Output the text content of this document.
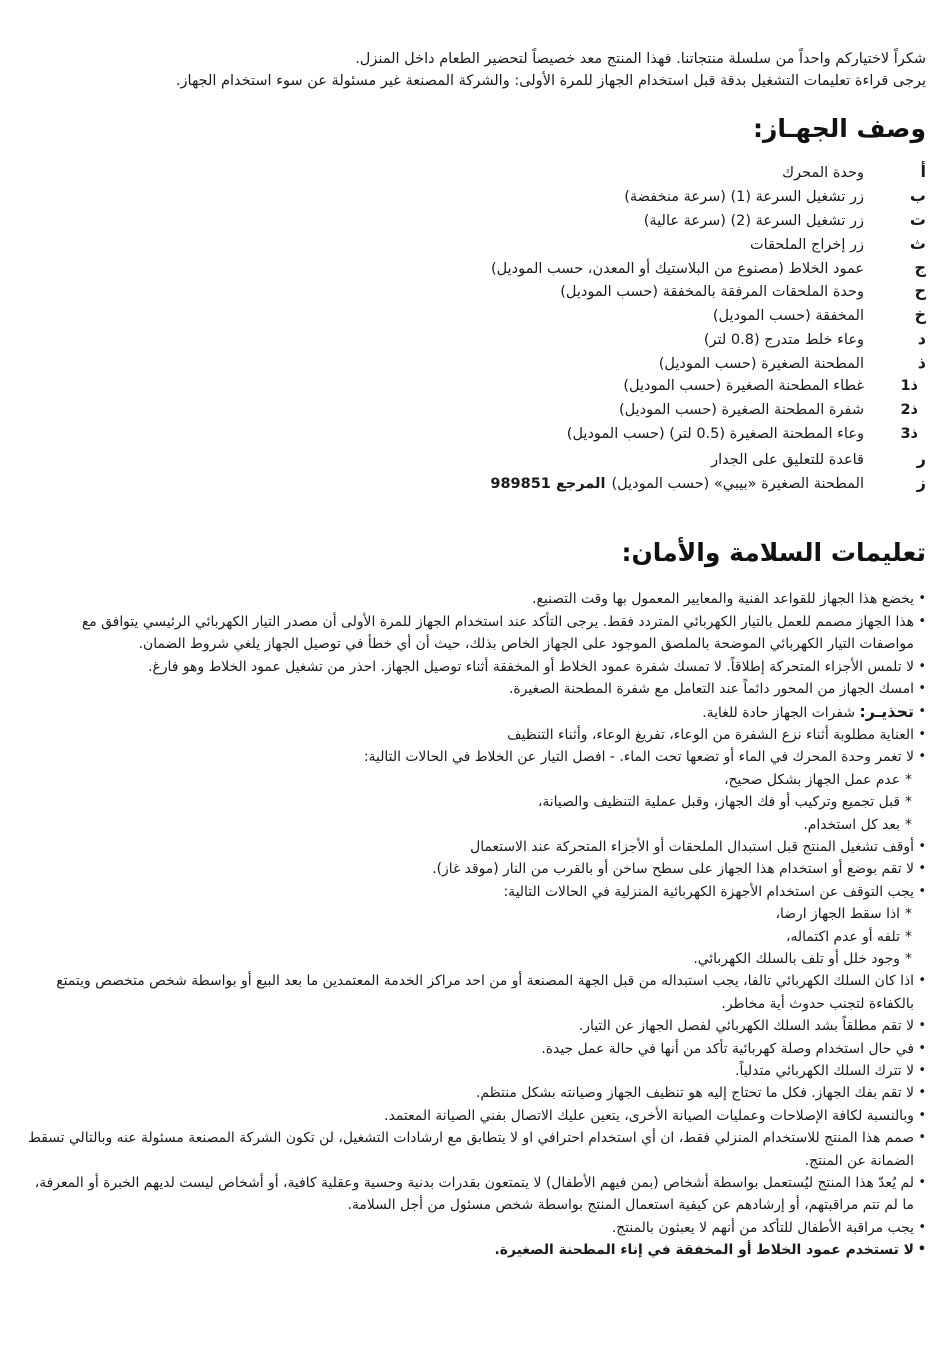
شكراً لاختياركم واحداً من سلسلة منتجاتنا. فهذا المنتج معد خصيصاً لتحضير الطعام داخل المنزل.

يرجى قراءة تعليمات التشغيل بدقة قبل استخدام الجهاز للمرة الأولى: والشركة المصنعة غير مسئولة عن سوء استخدام الجهاز.

وصف الجهـاز:
أ
وحدة المحرك
ب
زر تشغيل السرعة (1) (سرعة منخفضة)
ت
زر تشغيل السرعة (2) (سرعة عالية)
ث
زر إخراج الملحقات
ج
عمود الخلاط (مصنوع من البلاستيك أو المعدن، حسب الموديل)
ح
وحدة الملحقات المرفقة بالمخفقة (حسب الموديل)
خ
المخفقة (حسب الموديل)
د
وعاء خلط متدرج (0.8 لتر)
ذ
المطحنة الصغيرة (حسب الموديل)
ذ1
غطاء المطحنة الصغيرة (حسب الموديل)
ذ2
شفرة المطحنة الصغيرة (حسب الموديل)
ذ3
وعاء المطحنة الصغيرة (0.5 لتر) (حسب الموديل)
ر
قاعدة للتعليق على الجدار
ز
المطحنة الصغيرة «بيبي» (حسب الموديل)
المرجع 989851
تعليمات السلامة والأمان:
• يخضع هذا الجهاز للقواعد الفنية والمعايير المعمول بها وقت التصنيع.
• هذا الجهاز مصمم للعمل بالتيار الكهربائي المتردد فقط. يرجى التأكد عند استخدام الجهاز للمرة الأولى أن مصدر التيار الكهربائي الرئيسي يتوافق مع مواصفات التيار الكهربائي الموضحة بالملصق الموجود على الجهاز الخاص بذلك، حيث أن أي خطأ في توصيل الجهاز يلغي شروط الضمان.
• لا تلمس الأجزاء المتحركة إطلاقاً. لا تمسك شفرة عمود الخلاط أو المخفقة أثناء توصيل الجهاز. احذر من تشغيل عمود الخلاط وهو فارغ.
• امسك الجهاز من المحور دائماً عند التعامل مع شفرة المطحنة الصغيرة.
• تحذيـر: شفرات الجهاز حادة للغاية.
• العناية مطلوبة أثناء نزع الشفرة من الوعاء، تفريغ الوعاء، وأثناء التنظيف
• لا تغمر وحدة المحرك في الماء أو تضعها تحت الماء. - افصل التيار عن الخلاط في الحالات التالية:
* عدم عمل الجهاز بشكل صحيح،
* قبل تجميع وتركيب أو فك الجهاز، وقبل عملية التنظيف والصيانة،
* بعد كل استخدام.
• أوقف تشغيل المنتج قبل استبدال الملحقات أو الأجزاء المتحركة عند الاستعمال
• لا تقم بوضع أو استخدام هذا الجهاز على سطح ساخن أو بالقرب من النار (موقد غاز).
• يجب التوقف عن استخدام الأجهزة الكهربائية المنزلية في الحالات التالية:
* اذا سقط الجهاز ارضا،
* تلفه أو عدم اكتماله،
* وجود خلل أو تلف بالسلك الكهربائي.
• اذا كان السلك الكهربائي تالفا، يجب استبداله من قبل الجهة المصنعة أو من احد مراكز الخدمة المعتمدين ما بعد البيع أو بواسطة شخص متخصص ويتمتع بالكفاءة لتجنب حدوث أية مخاطر.
• لا تقم مطلقاً بشد السلك الكهربائي لفصل الجهاز عن التيار.
• في حال استخدام وصلة كهربائية تأكد من أنها في حالة عمل جيدة.
• لا تترك السلك الكهربائي متدلياً.
• لا تقم بفك الجهاز. فكل ما تحتاج إليه هو تنظيف الجهاز وصيانته بشكل منتظم.
• وبالنسبة لكافة الإصلاحات وعمليات الصيانة الأخرى، يتعين عليك الاتصال بفني الصيانة المعتمد.
• صمم هذا المنتج للاستخدام المنزلي فقط، ان أي استخدام احترافي او لا يتطابق مع ارشادات التشغيل، لن تكون الشركة المصنعة مسئولة عنه وبالتالي تسقط الضمانة عن المنتج.
• لم يُعدّ هذا المنتج ليُستعمل بواسطة أشخاص (بمن فيهم الأطفال) لا يتمتعون بقدرات بدنية وحسية وعقلية كافية، أو أشخاص ليست لديهم الخبرة أو المعرفة، ما لم تتم مراقبتهم، أو إرشادهم عن كيفية استعمال المنتج بواسطة شخص مسئول من أجل السلامة.
• يجب مراقبة الأطفال للتأكد من أنهم لا يعبثون بالمنتج.
• لا تستخدم عمود الخلاط أو المخفقة في إناء المطحنة الصغيرة.
